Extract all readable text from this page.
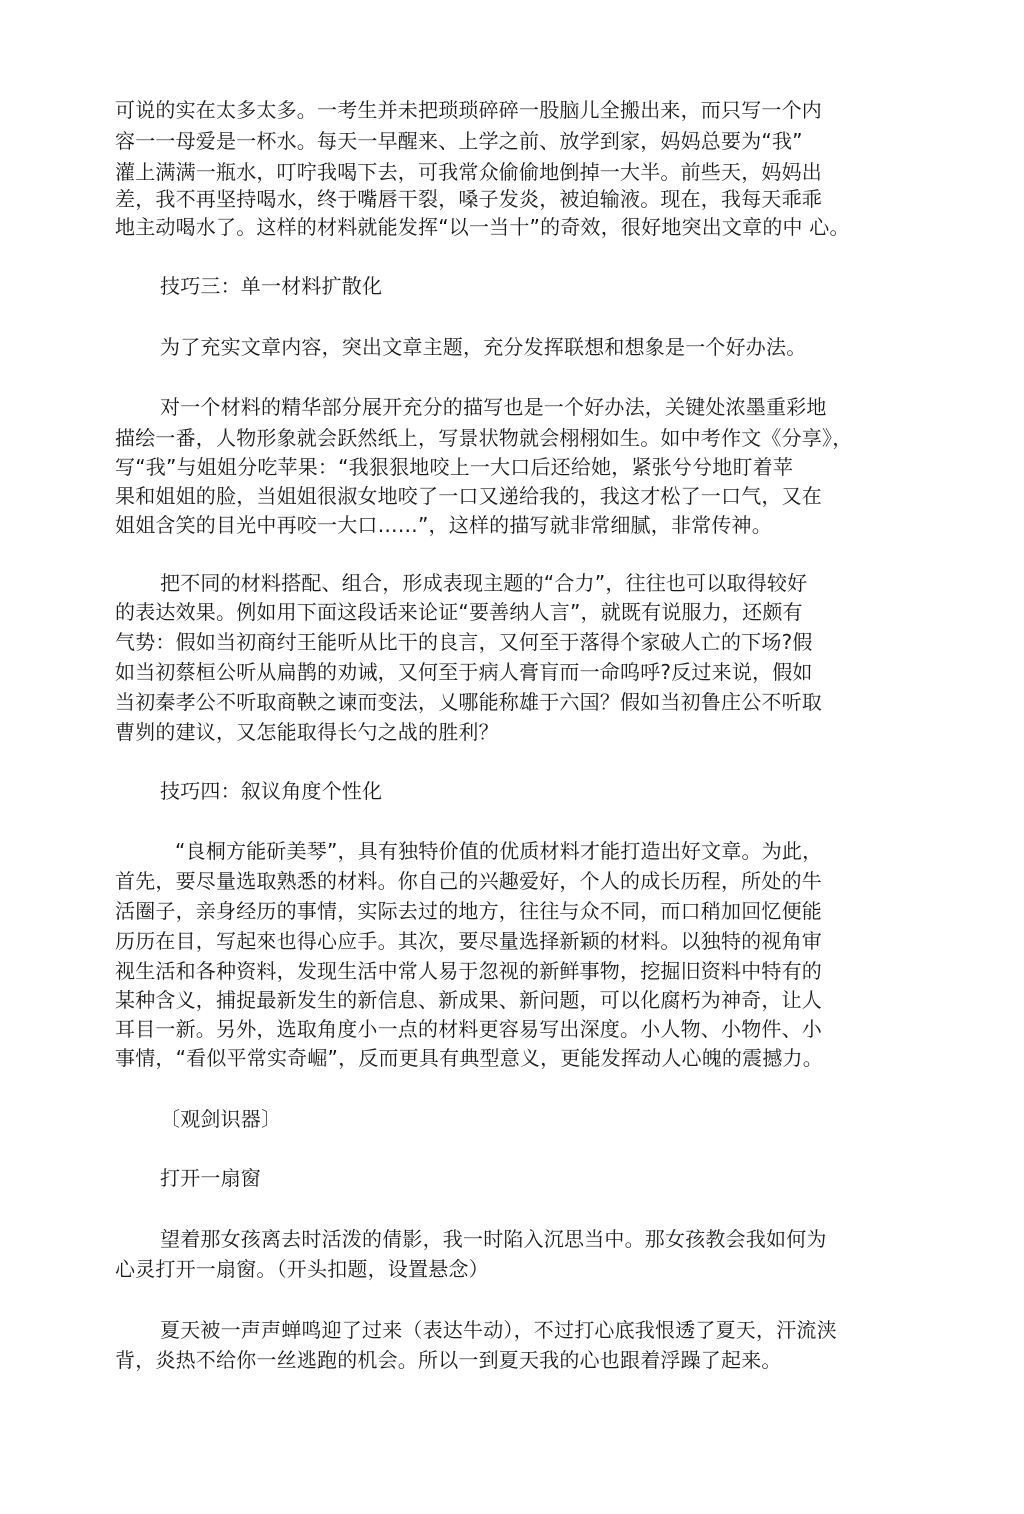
可说的实在太多太多。一考生并未把琐琐碎碎一股脑儿全搬出来，而只写一个内
容一一母爱是一杯水。每天一早醒来、上学之前、放学到家，妈妈总要为“我”
灌上满满一瓶水，叮咛我喝下去，可我常众偷偷地倒掉一大半。前些天，妈妈出
差，我不再坚持喝水，终于嘴唇干裂，嗓子发炎，被迫输液。现在，我每天乖乖
地主动喝水了。这样的材料就能发挥“以一当十”的奇效，很好地突出文章的中 心。
技巧三：单一材料扩散化
为了充实文章内容，突出文章主题，充分发挥联想和想象是一个好办法。
对一个材料的精华部分展开充分的描写也是一个好办法，关键处浓墨重彩地
描绘一番，人物形象就会跃然纸上，写景状物就会栩栩如生。如中考作文《分享》，
写“我”与姐姐分吃苹果：“我狠狠地咬上一大口后还给她，紧张兮兮地盯着苹
果和姐姐的脸，当姐姐很淑女地咬了一口又递给我的，我这才松了一口气，又在
姐姐含笑的目光中再咬一大口……”，这样的描写就非常细腻，非常传神。
把不同的材料搭配、组合，形成表现主题的“合力”，往往也可以取得较好
的表达效果。例如用下面这段话来论证“要善纳人言”，就既有说服力，还颇有
气势：假如当初商纣王能听从比干的良言，又何至于落得个家破人亡的下场?假
如当初蔡桓公听从扁鹊的劝诫，又何至于病人膏肓而一命呜呼?反过来说，假如
当初秦孝公不听取商鞅之谏而变法，乂哪能称雄于六国？假如当初鲁庄公不听取
曹刿的建议，又怎能取得长勺之战的胜利？
技巧四：叙议角度个性化
“良桐方能斫美琴”，具有独特价值的优质材料才能打造出好文章。为此，
首先，要尽量选取熟悉的材料。你自己的兴趣爱好，个人的成长历程，所处的牛
活圈子，亲身经历的事情，实际去过的地方，往往与众不同，而口稍加回忆便能
历历在目，写起來也得心应手。其次，要尽量选择新颖的材料。以独特的视角审
视生活和各种资料，发现生活中常人易于忽视的新鲜事物，挖掘旧资料中特有的
某种含义，捕捉最新发生的新信息、新成果、新问题，可以化腐朽为神奇，让人
耳目一新。另外，选取角度小一点的材料更容易写出深度。小人物、小物件、小
事情，“看似平常实奇崛”，反而更具有典型意义，更能发挥动人心魄的震撼力。
〔观剑识器〕
打开一扇窗
望着那女孩离去时活泼的倩影，我一时陷入沉思当中。那女孩教会我如何为
心灵打开一扇窗。（开头扣题，设置悬念）
夏天被一声声蝉鸣迎了过来（表达牛动），不过打心底我恨透了夏天，汗流浃
背，炎热不给你一丝逃跑的机会。所以一到夏天我的心也跟着浮躁了起来。
